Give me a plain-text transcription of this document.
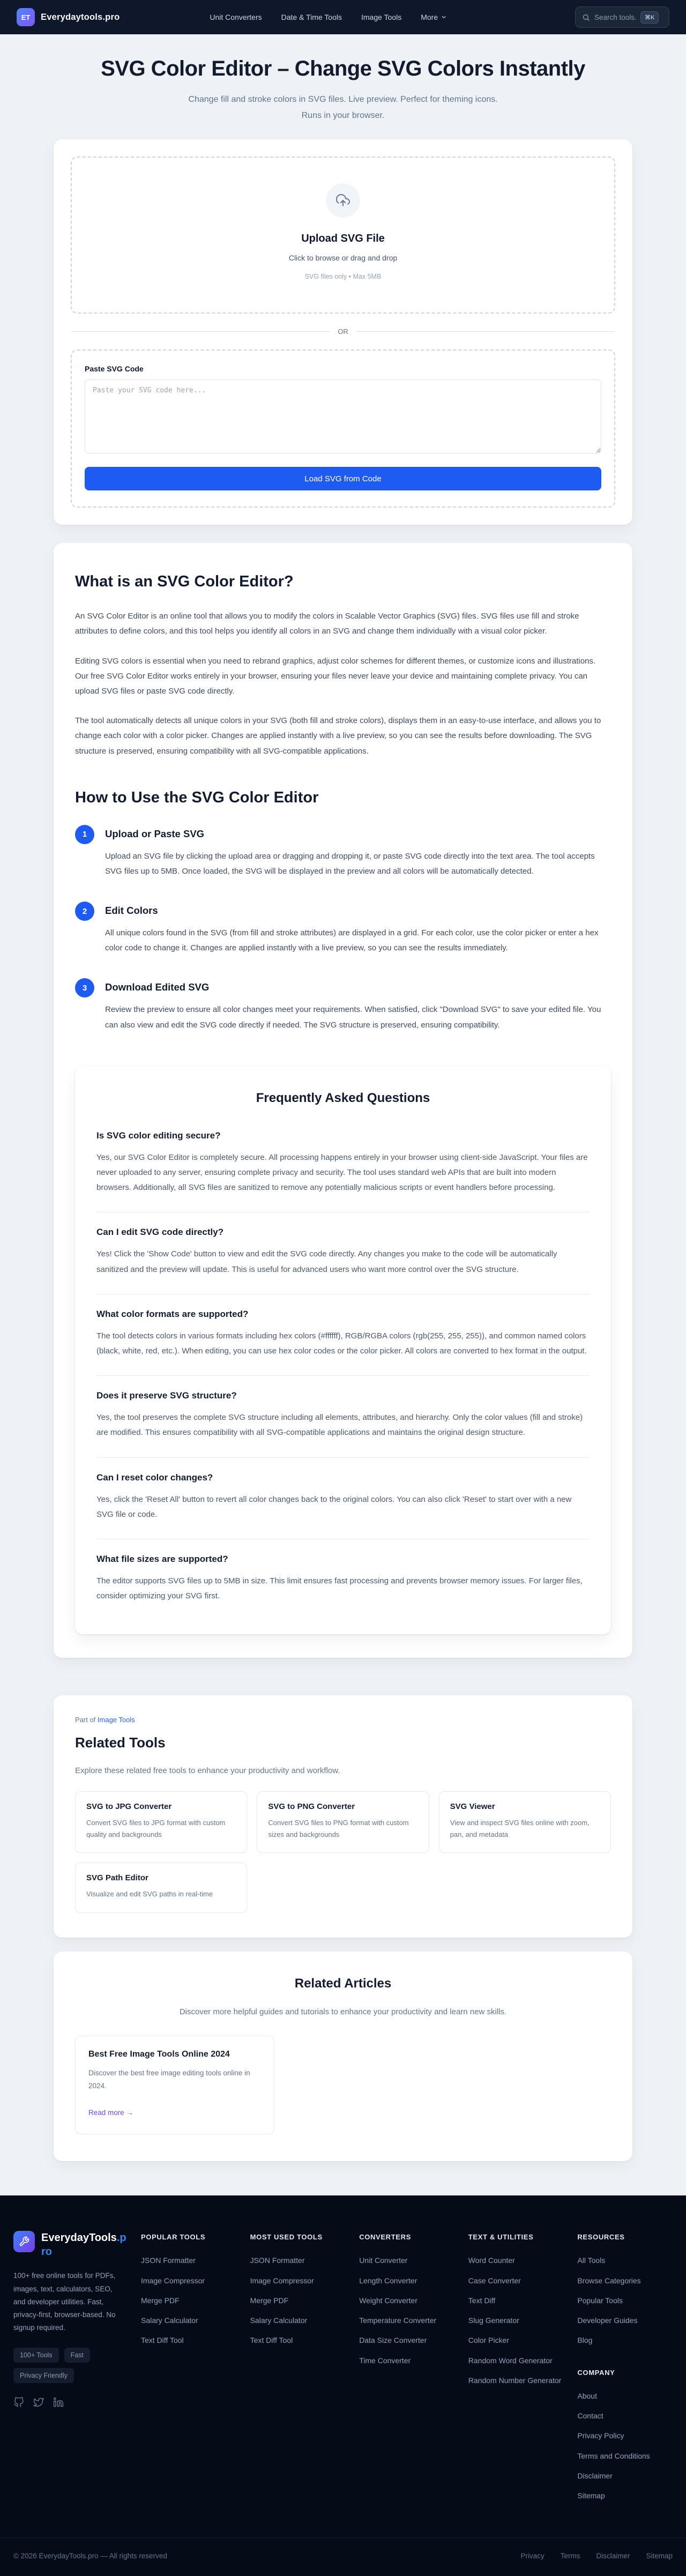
ET	Everydaytools.pro	Unit Converters	Date & Time Tools	Image Tools	More
Search tools...	⌘K
SVG Color Editor – Change SVG Colors Instantly

Change fill and stroke colors in SVG files. Live preview. Perfect for theming icons.
Runs in your browser.

Upload SVG File

Click to browse or drag and drop

SVG files only • Max 5MB

OR

Paste SVG Code

Paste your SVG code here... Load SVG from Code
What is an SVG Color Editor?

An SVG Color Editor is an online tool that allows you to modify the colors in Scalable Vector Graphics (SVG) files. SVG files use fill and stroke attributes to define colors, and this tool helps you identify all colors in an SVG and change them individually with a visual color picker.

Editing SVG colors is essential when you need to rebrand graphics, adjust color schemes for different themes, or customize icons and illustrations. Our free SVG Color Editor works entirely in your browser, ensuring your files never leave your device and maintaining complete privacy. You can upload SVG files or paste SVG code directly.

The tool automatically detects all unique colors in your SVG (both fill and stroke colors), displays them in an easy-to-use interface, and allows you to change each color with a color picker. Changes are applied instantly with a live preview, so you can see the results before downloading. The SVG structure is preserved, ensuring compatibility with all SVG-compatible applications.

How to Use the SVG Color Editor
1	Upload or Paste SVG

Upload an SVG file by clicking the upload area or dragging and dropping it, or paste SVG code directly into the text area. The tool accepts SVG files up to 5MB. Once loaded, the SVG will be displayed in the preview and all colors will be automatically detected.

2	Edit Colors

All unique colors found in the SVG (from fill and stroke attributes) are displayed in a grid. For each color, use the color picker or enter a hex color code to change it. Changes are applied instantly with a live preview, so you can see the results immediately.

3	Download Edited SVG

Review the preview to ensure all color changes meet your requirements. When satisfied, click "Download SVG" to save your edited file. You can also view and edit the SVG code directly if needed. The SVG structure is preserved, ensuring compatibility.

Frequently Asked Questions

Is SVG color editing secure?

Yes, our SVG Color Editor is completely secure. All processing happens entirely in your browser using client-side JavaScript. Your files are never uploaded to any server, ensuring complete privacy and security. The tool uses standard web APIs that are built into modern browsers. Additionally, all SVG files are sanitized to remove any potentially malicious scripts or event handlers before processing.

Can I edit SVG code directly?

Yes! Click the 'Show Code' button to view and edit the SVG code directly. Any changes you make to the code will be automatically sanitized and the preview will update. This is useful for advanced users who want more control over the SVG structure.

What color formats are supported?

The tool detects colors in various formats including hex colors (#ffffff), RGB/RGBA colors (rgb(255, 255, 255)), and common named colors (black, white, red, etc.). When editing, you can use hex color codes or the color picker. All colors are converted to hex format in the output.

Does it preserve SVG structure?

Yes, the tool preserves the complete SVG structure including all elements, attributes, and hierarchy. Only the color values (fill and stroke) are modified. This ensures compatibility with all SVG-compatible applications and maintains the original design structure.

Can I reset color changes?

Yes, click the 'Reset All' button to revert all color changes back to the original colors. You can also click 'Reset' to start over with a new SVG file or code.

What file sizes are supported?

The editor supports SVG files up to 5MB in size. This limit ensures fast processing and prevents browser memory issues. For larger files, consider optimizing your SVG first.

Part of Image Tools

Related Tools

Explore these related free tools to enhance your productivity and workflow.

SVG to JPG Converter

Convert SVG files to JPG format with custom quality and backgrounds

SVG to PNG Converter

Convert SVG files to PNG format with custom sizes and backgrounds

SVG Viewer

View and inspect SVG files online with zoom, pan, and metadata

SVG Path Editor

Visualize and edit SVG paths in real-time

Related Articles

Discover more helpful guides and tutorials to enhance your productivity and learn new skills.

Best Free Image Tools Online 2024

Discover the best free image editing tools online in 2024.

Read more →
EverydayTools.pro

100+ free online tools for PDFs, images, text, calculators, SEO, and developer utilities. Fast, privacy-first, browser-based. No signup required.

100+ Tools	Fast
Privacy Friendly
POPULAR TOOLS
JSON Formatter
Image Compressor
Merge PDF
Salary Calculator
Text Diff Tool
MOST USED TOOLS
JSON Formatter
Image Compressor
Merge PDF
Salary Calculator
Text Diff Tool
CONVERTERS
Unit Converter
Length Converter
Weight Converter
Temperature Converter
Data Size Converter
Time Converter
TEXT & UTILITIES
Word Counter
Case Converter
Text Diff
Slug Generator
Color Picker
Random Word Generator
Random Number Generator
RESOURCES
All Tools
Browse Categories
Popular Tools
Developer Guides
Blog
COMPANY
About
Contact
Privacy Policy
Terms and Conditions
Disclaimer
Sitemap
© 2026 EverydayTools.pro — All rights reserved	Privacy Terms Disclaimer Sitemap
